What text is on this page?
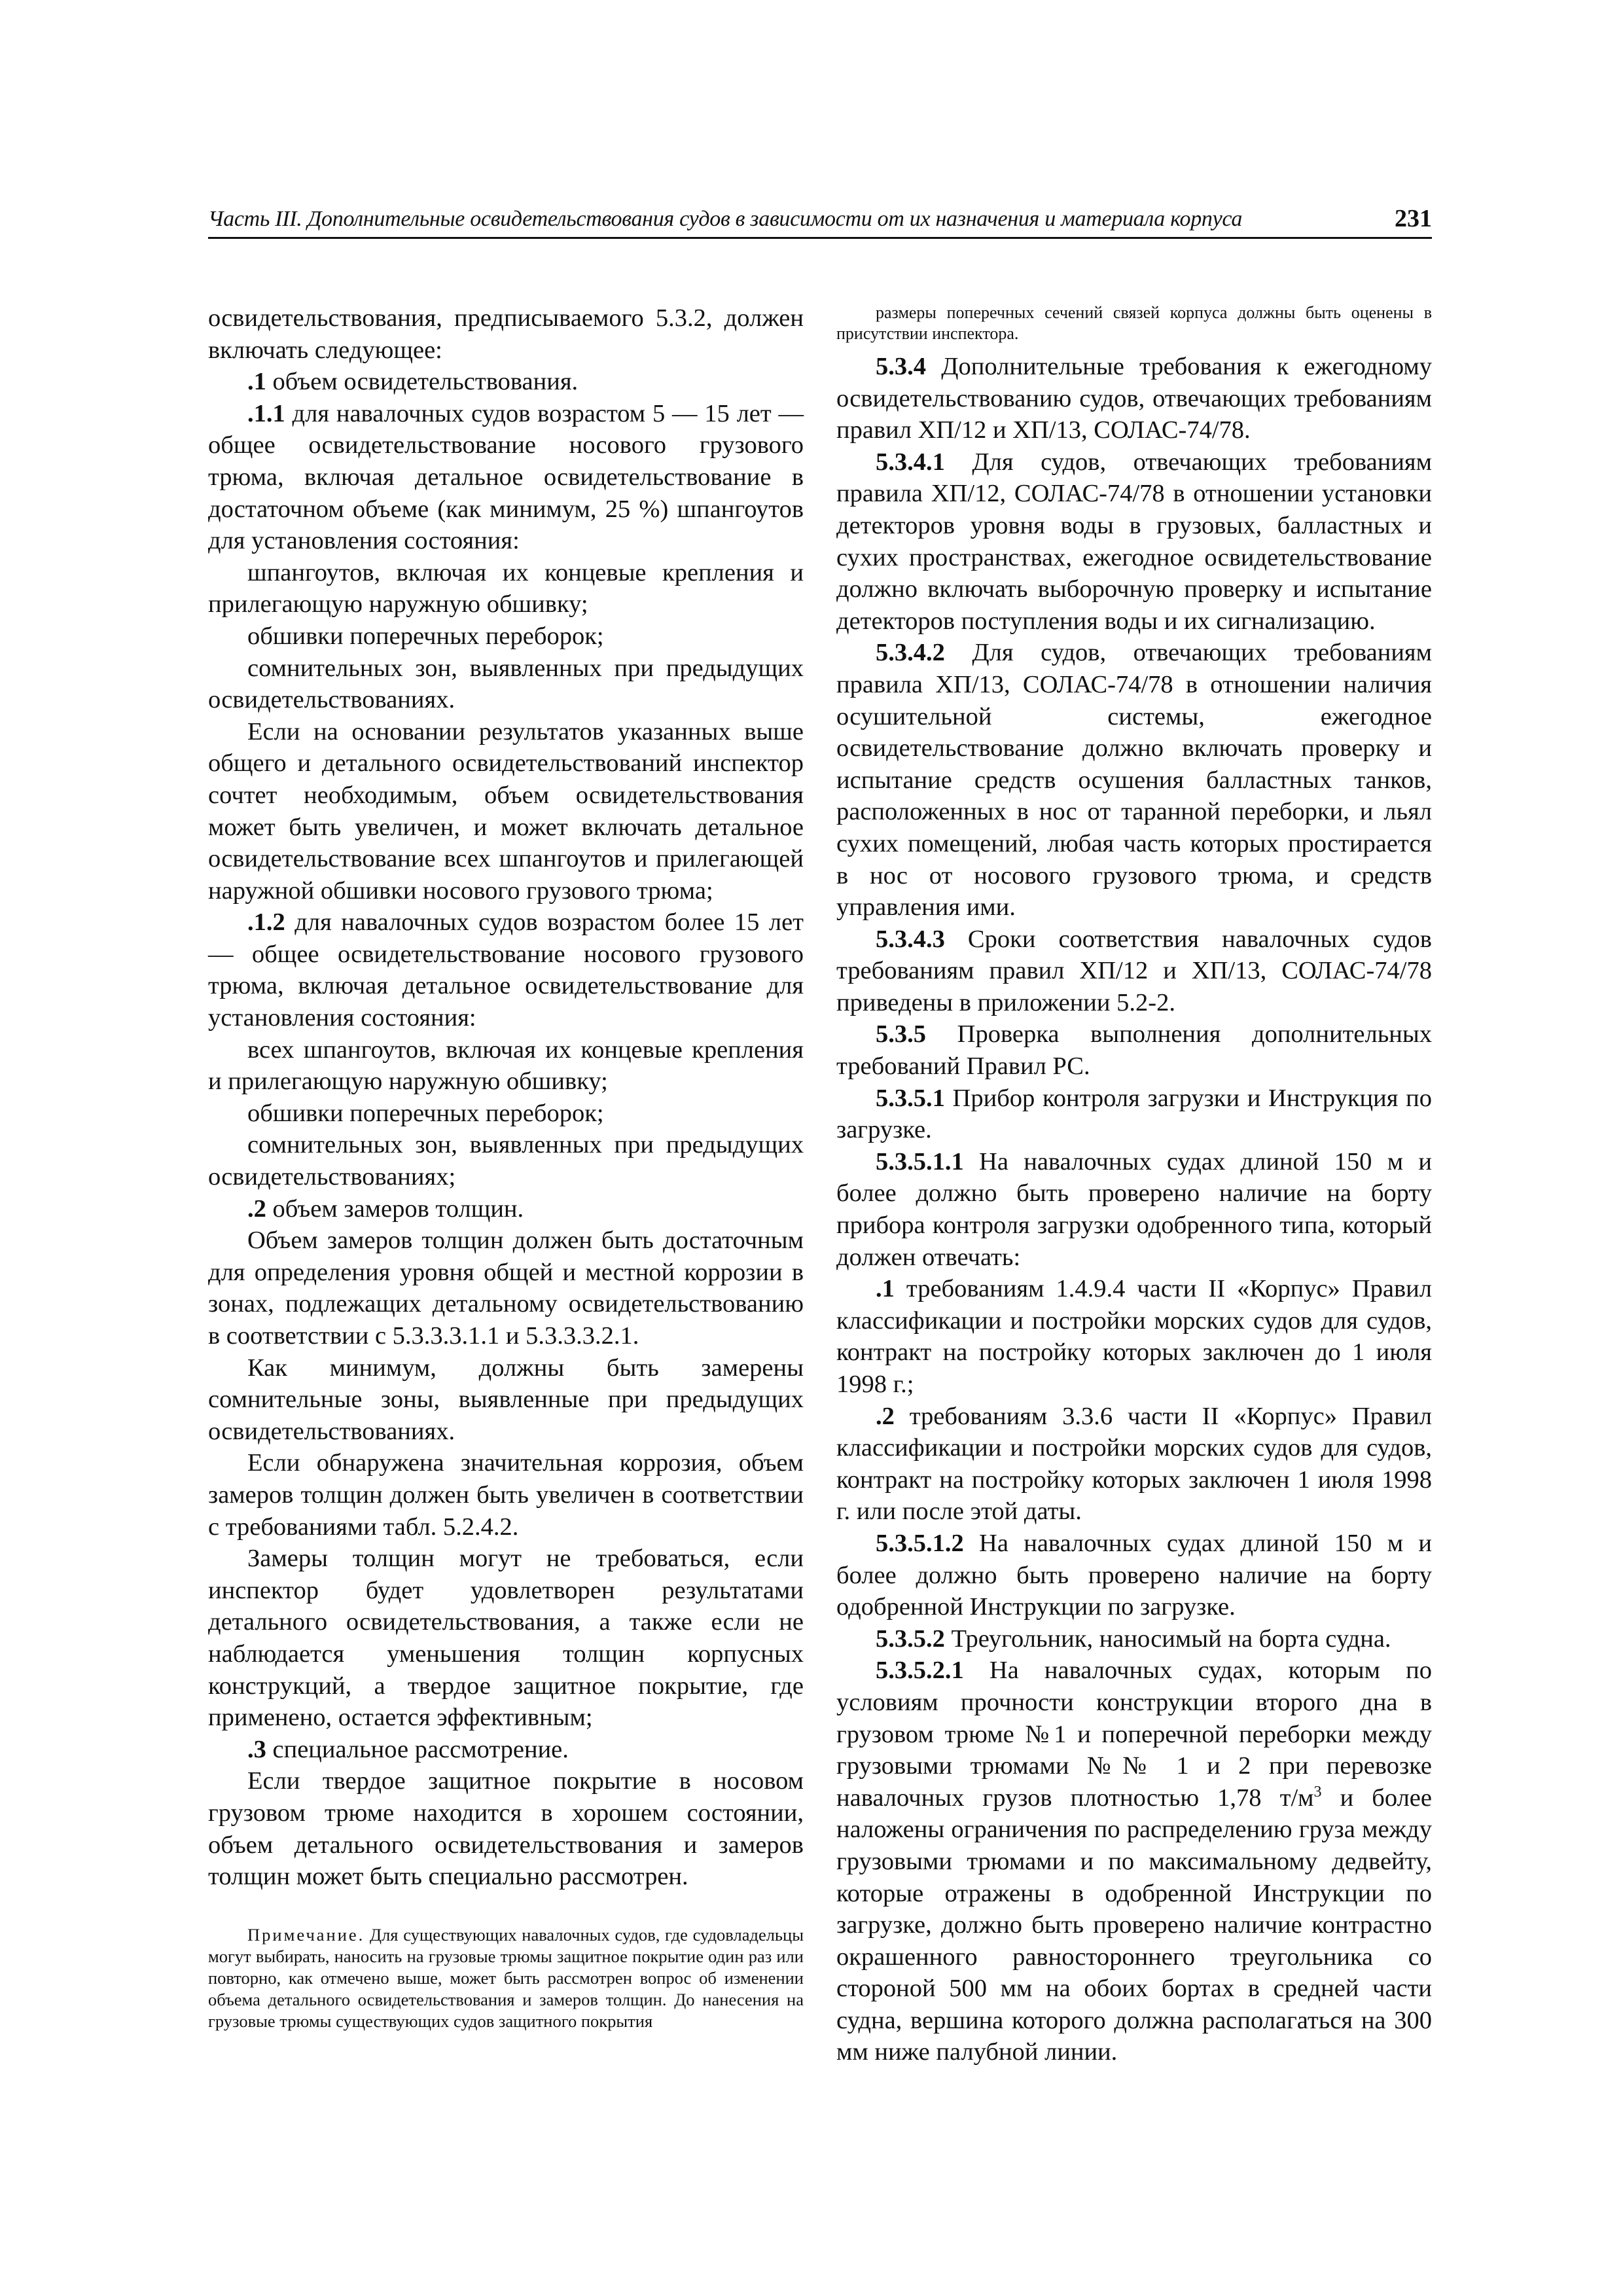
Часть III. Дополнительные освидетельствования судов в зависимости от их назначения и материала корпуса	231

освидетельствования, предписываемого 5.3.2, должен включать следующее:

.1 объем освидетельствования.

.1.1 для навалочных судов возрастом 5 — 15 лет — общее освидетельствование носового грузового трюма, включая детальное освидетельствование в достаточном объеме (как минимум, 25 %) шпангоутов для установления состояния:

шпангоутов, включая их концевые крепления и прилегающую наружную обшивку;

обшивки поперечных переборок;

сомнительных зон, выявленных при предыдущих освидетельствованиях.

Если на основании результатов указанных выше общего и детального освидетельствований инспектор сочтет необходимым, объем освидетельствования может быть увеличен, и может включать детальное освидетельствование всех шпангоутов и прилегающей наружной обшивки носового грузового трюма;

.1.2 для навалочных судов возрастом более 15 лет — общее освидетельствование носового грузового трюма, включая детальное освидетельствование для установления состояния:

всех шпангоутов, включая их концевые крепления и прилегающую наружную обшивку;

обшивки поперечных переборок;

сомнительных зон, выявленных при предыдущих освидетельствованиях;

.2 объем замеров толщин.

Объем замеров толщин должен быть достаточным для определения уровня общей и местной коррозии в зонах, подлежащих детальному освидетельствованию в соответствии с 5.3.3.3.1.1 и 5.3.3.3.2.1.

Как минимум, должны быть замерены сомнительные зоны, выявленные при предыдущих освидетельствованиях.

Если обнаружена значительная коррозия, объем замеров толщин должен быть увеличен в соответствии с требованиями табл. 5.2.4.2.

Замеры толщин могут не требоваться, если инспектор будет удовлетворен результатами детального освидетельствования, а также если не наблюдается уменьшения толщин корпусных конструкций, а твердое защитное покрытие, где применено, остается эффективным;

.3 специальное рассмотрение.

Если твердое защитное покрытие в носовом грузовом трюме находится в хорошем состоянии, объем детального освидетельствования и замеров толщин может быть специально рассмотрен.

Примечание. Для существующих навалочных судов, где судовладельцы могут выбирать, наносить на грузовые трюмы защитное покрытие один раз или повторно, как отмечено выше, может быть рассмотрен вопрос об изменении объема детального освидетельствования и замеров толщин. До нанесения на грузовые трюмы существующих судов защитного покрытия

размеры поперечных сечений связей корпуса должны быть оценены в присутствии инспектора.

5.3.4 Дополнительные требования к ежегодному освидетельствованию судов, отвечающих требованиям правил ХП/12 и ХП/13, СОЛАС-74/78.

5.3.4.1 Для судов, отвечающих требованиям правила ХП/12, СОЛАС-74/78 в отношении установки детекторов уровня воды в грузовых, балластных и сухих пространствах, ежегодное освидетельствование должно включать выборочную проверку и испытание детекторов поступления воды и их сигнализацию.

5.3.4.2 Для судов, отвечающих требованиям правила ХП/13, СОЛАС-74/78 в отношении наличия осушительной системы, ежегодное освидетельствование должно включать проверку и испытание средств осушения балластных танков, расположенных в нос от таранной переборки, и льял сухих помещений, любая часть которых простирается в нос от носового грузового трюма, и средств управления ими.

5.3.4.3 Сроки соответствия навалочных судов требованиям правил ХП/12 и ХП/13, СОЛАС-74/78 приведены в приложении 5.2-2.

5.3.5 Проверка выполнения дополнительных требований Правил РС.

5.3.5.1 Прибор контроля загрузки и Инструкция по загрузке.

5.3.5.1.1 На навалочных судах длиной 150 м и более должно быть проверено наличие на борту прибора контроля загрузки одобренного типа, который должен отвечать:

.1 требованиям 1.4.9.4 части II «Корпус» Правил классификации и постройки морских судов для судов, контракт на постройку которых заключен до 1 июля 1998 г.;

.2 требованиям 3.3.6 части II «Корпус» Правил классификации и постройки морских судов для судов, контракт на постройку которых заключен 1 июля 1998 г. или после этой даты.

5.3.5.1.2 На навалочных судах длиной 150 м и более должно быть проверено наличие на борту одобренной Инструкции по загрузке.

5.3.5.2 Треугольник, наносимый на борта судна.

5.3.5.2.1 На навалочных судах, которым по условиям прочности конструкции второго дна в грузовом трюме №1 и поперечной переборки между грузовыми трюмами №№ 1 и 2 при перевозке навалочных грузов плотностью 1,78 $т/м^3$ и более наложены ограничения по распределению груза между грузовыми трюмами и по максимальному дедвейту, которые отражены в одобренной Инструкции по загрузке, должно быть проверено наличие контрастно окрашенного равностороннего треугольника со стороной 500 мм на обоих бортах в средней части судна, вершина которого должна располагаться на 300 мм ниже палубной линии.
